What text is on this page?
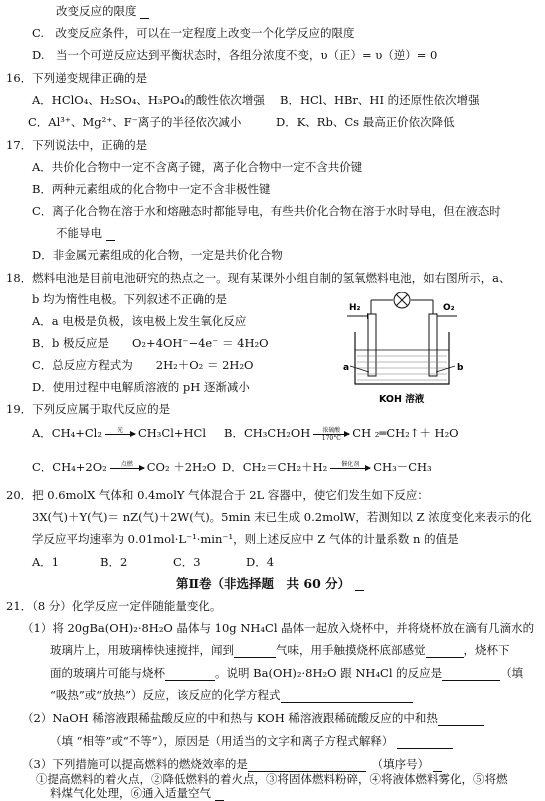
改变反应的限度
C.　改变反应条件，可以在一定程度上改变一个化学反应的限度
D.　当一个可逆反应达到平衡状态时，各组分浓度不变，υ（正）= υ（逆）= 0
16．下列递变规律正确的是
A．HClO₄、H₂SO₄、H₃PO₄的酸性依次增强 B．HCl、HBr、HI 的还原性依次增强
C．Al³⁺、Mg²⁺、F⁻离子的半径依次减小	D．K、Rb、Cs 最高正价依次降低
17．下列说法中，正确的是
A．共价化合物中一定不含离子键，离子化合物中一定不含共价键
B．两种元素组成的化合物中一定不含非极性键
C．离子化合物在溶于水和熔融态时都能导电，有些共价化合物在溶于水时导电，但在液态时
不能导电
D．非金属元素组成的化合物，一定是共价化合物
18．燃料电池是目前电池研究的热点之一。现有某课外小组自制的氢氧燃料电池，如右图所示，a、
b 均为惰性电极。下列叙述不正确的是
A．a 电极是负极，该电极上发生氧化反应
B．b 极反应是　　O₂+4OH⁻−4e⁻ ＝ 4H₂O
C．总反应方程式为　　2H₂＋O₂ ＝ 2H₂O
D．使用过程中电解质溶液的 pH 逐渐减小
H₂	O₂
a	b
KOH 溶液
19．下列反应属于取代反应的是
A．CH₄+Cl₂	光
	CH₃Cl+HCl B．CH₃CH₂OH	浓硫酸
170°C CH ₂═CH₂↑＋ H₂O
C．CH₄+2O₂	点燃
	CO₂ ＋2H₂O D．CH₂＝CH₂＋H₂	催化剂
	CH₃－CH₃
20．把 0.6molX 气体和 0.4molY 气体混合于 2L 容器中，使它们发生如下反应：
3X(气)＋Y(气)＝ nZ(气)＋2W(气)。5min 末已生成 0.2molW，若测知以 Z 浓度变化来表示的化
学反应平均速率为 0.01mol·L⁻¹·min⁻¹，则上述反应中 Z 气体的计量系数 n 的值是
A．1	B．2	C．3	D．4
第Ⅱ卷（非选择题　共 60 分）
21．（8 分）化学反应一定伴随能量变化。
（1）将 20gBa(OH)₂·8H₂O 晶体与 10g NH₄Cl 晶体一起放入烧杯中，并将烧杯放在滴有几滴水的
玻璃片上，用玻璃棒快速搅拌，闻到	气味，用手触摸烧杯底部感觉	，烧杯下
面的玻璃片可能与烧杯	。说明 Ba(OH)₂·8H₂O 跟 NH₄Cl 的反应是	（填
“吸热”或“放热”）反应，该反应的化学方程式
（2）NaOH 稀溶液跟稀盐酸反应的中和热与 KOH 稀溶液跟稀硫酸反应的中和热
（填 “相等”或“不等”），原因是（用适当的文字和离子方程式解释）
（3）下列措施可以提高燃料的燃烧效率的是　	（填序号）
①提高燃料的着火点，②降低燃料的着火点，③将固体燃料粉碎，④将液体燃料雾化，⑤将燃
料煤气化处理，⑥通入适量空气
